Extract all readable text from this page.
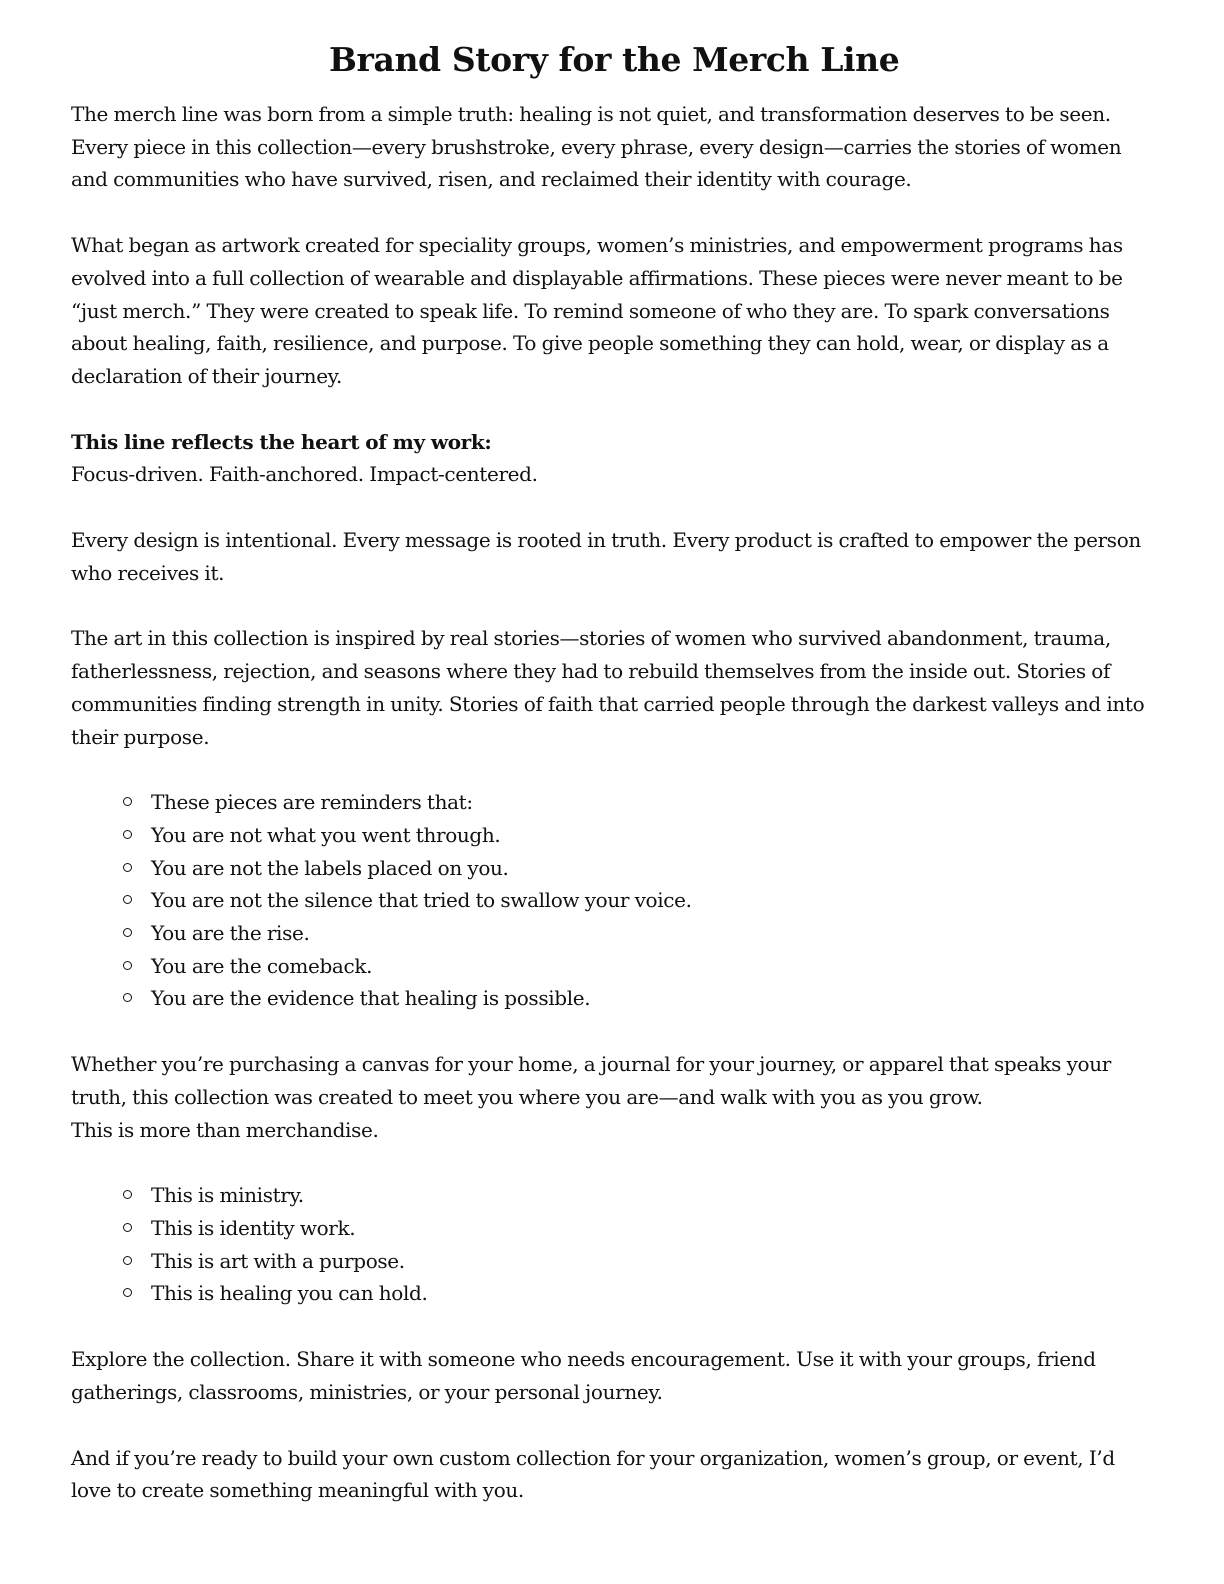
Brand Story for the Merch Line

The merch line was born from a simple truth: healing is not quiet, and transformation deserves to be seen. Every piece in this collection—every brushstroke, every phrase, every design—carries the stories of women and communities who have survived, risen, and reclaimed their identity with courage.

What began as artwork created for speciality groups, women’s ministries, and empowerment programs has evolved into a full collection of wearable and displayable affirmations. These pieces were never meant to be “just merch.” They were created to speak life. To remind someone of who they are. To spark conversations about healing, faith, resilience, and purpose. To give people something they can hold, wear, or display as a declaration of their journey.

This line reflects the heart of my work:
Focus-driven. Faith-anchored. Impact-centered.

Every design is intentional. Every message is rooted in truth. Every product is crafted to empower the person who receives it.

The art in this collection is inspired by real stories—stories of women who survived abandonment, trauma, fatherlessness, rejection, and seasons where they had to rebuild themselves from the inside out. Stories of communities finding strength in unity. Stories of faith that carried people through the darkest valleys and into their purpose.

These pieces are reminders that:
You are not what you went through.
You are not the labels placed on you.
You are not the silence that tried to swallow your voice.
You are the rise.
You are the comeback.
You are the evidence that healing is possible.

Whether you’re purchasing a canvas for your home, a journal for your journey, or apparel that speaks your truth, this collection was created to meet you where you are—and walk with you as you grow.
This is more than merchandise.

This is ministry.
This is identity work.
This is art with a purpose.
This is healing you can hold.

Explore the collection. Share it with someone who needs encouragement. Use it with your groups, friend gatherings, classrooms, ministries, or your personal journey.

And if you’re ready to build your own custom collection for your organization, women’s group, or event, I’d love to create something meaningful with you.
